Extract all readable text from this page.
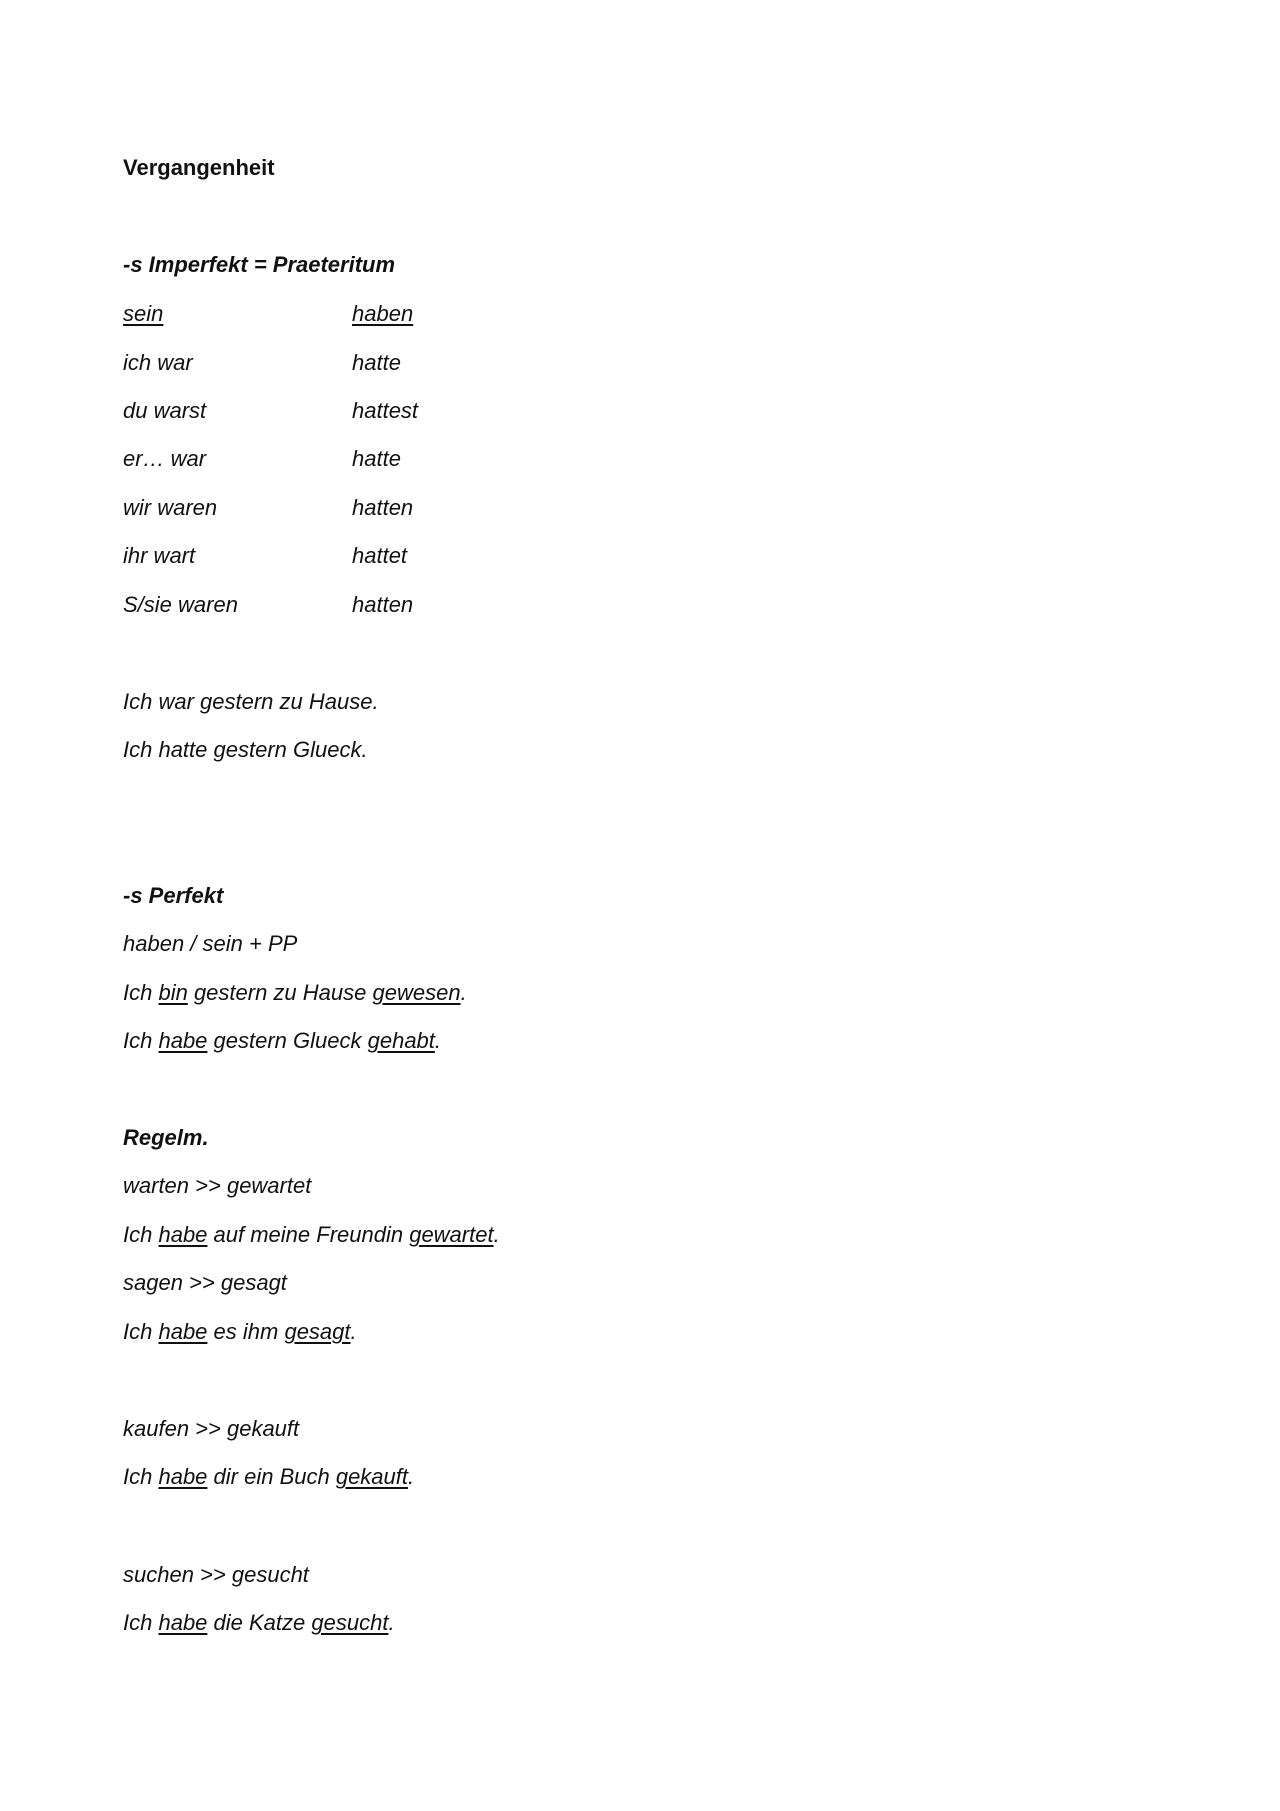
Vergangenheit
-s Imperfekt = Praeteritum
sein	haben
ich war	hatte
du warst	hattest
er… war	hatte
wir waren	hatten
ihr wart	hattet
S/sie waren	hatten
Ich war gestern zu Hause.
Ich hatte gestern Glueck.
-s Perfekt
haben / sein + PP
Ich bin gestern zu Hause gewesen.
Ich habe gestern Glueck gehabt.
Regelm.
warten >> gewartet
Ich habe auf meine Freundin gewartet.
sagen >> gesagt
Ich habe es ihm gesagt.
kaufen >> gekauft
Ich habe dir ein Buch gekauft.
suchen >> gesucht
Ich habe die Katze gesucht.
